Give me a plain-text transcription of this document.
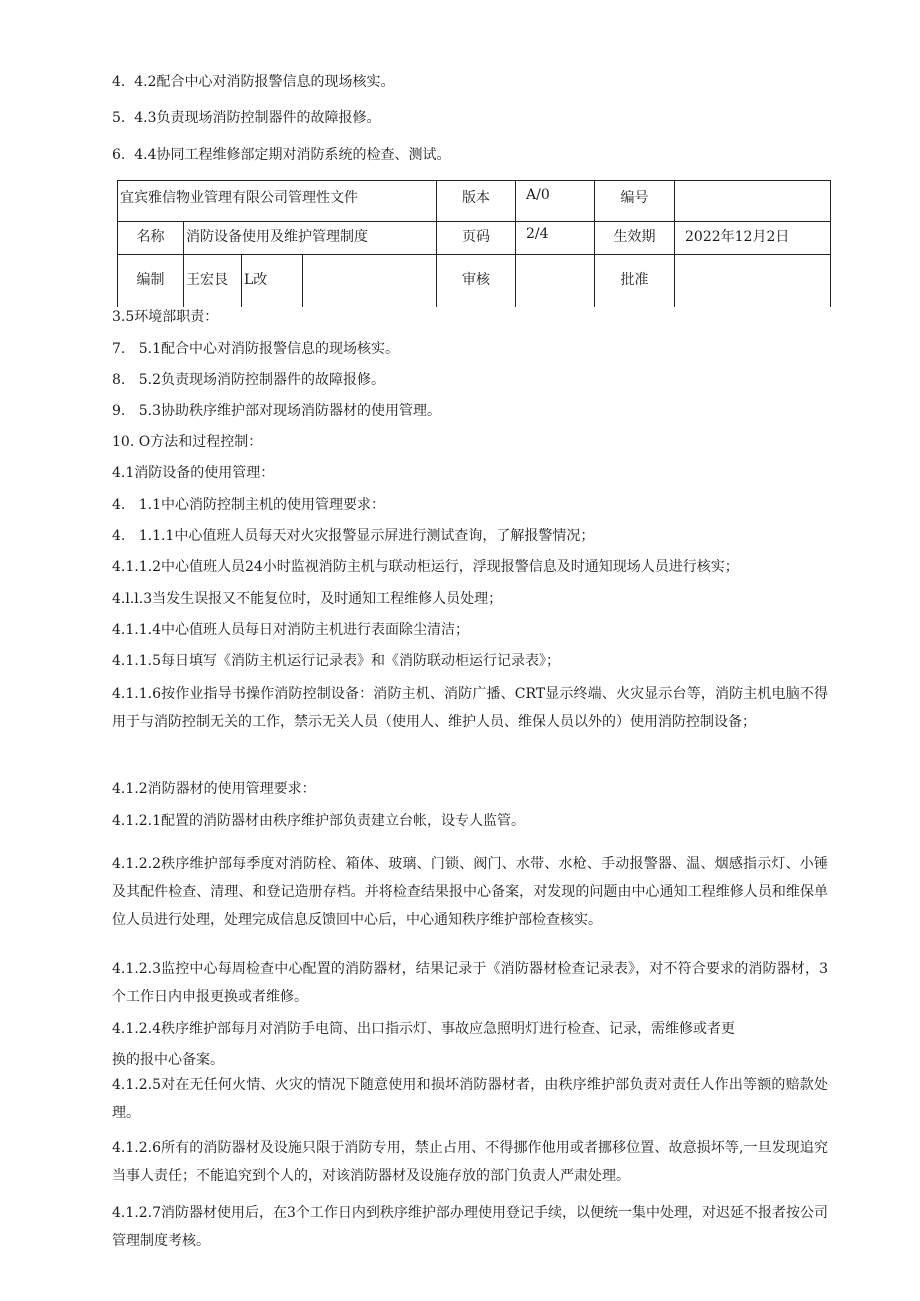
4.  4.2配合中心对消防报警信息的现场核实。
5.  4.3负责现场消防控制器件的故障报修。
6.  4.4协同工程维修部定期对消防系统的检查、测试。
宜宾雅信物业管理有限公司管理性文件				版本	A/0	编号	
名称	消防设备使用及维护管理制度			页码	2/4	生效期	2022年12月2日
编制	王宏艮	L改		审核		批准	
3.5环境部职责：
7.   5.1配合中心对消防报警信息的现场核实。
8.   5.2负责现场消防控制器件的故障报修。
9.   5.3协助秩序维护部对现场消防器材的使用管理。
10. O方法和过程控制：
4.1消防设备的使用管理：
4.   1.1中心消防控制主机的使用管理要求：
4.   1.1.1中心值班人员每天对火灾报警显示屏进行测试查询，了解报警情况；
4.1.1.2中心值班人员24小时监视消防主机与联动柜运行，浮现报警信息及时通知现场人员进行核实；
4.l.l.3当发生误报又不能复位时，及时通知工程维修人员处理；
4.1.1.4中心值班人员每日对消防主机进行表面除尘清洁；
4.1.1.5每日填写《消防主机运行记录表》和《消防联动柜运行记录表》；
4.1.1.6按作业指导书操作消防控制设备：消防主机、消防广播、CRT显示终端、火灾显示台等，消防主机电脑不得用于与消防控制无关的工作，禁示无关人员（使用人、维护人员、维保人员以外的）使用消防控制设备；
4.1.2消防器材的使用管理要求：
4.1.2.1配置的消防器材由秩序维护部负责建立台帐，设专人监管。
4.1.2.2秩序维护部每季度对消防栓、箱体、玻璃、门锁、阀门、水带、水枪、手动报警器、温、烟感指示灯、小锤及其配件检查、清理、和登记造册存档。并将检查结果报中心备案，对发现的问题由中心通知工程维修人员和维保单位人员进行处理，处理完成信息反馈回中心后，中心通知秩序维护部检查核实。
4.1.2.3监控中心每周检查中心配置的消防器材，结果记录于《消防器材检查记录表》，对不符合要求的消防器材，3个工作日内申报更换或者维修。
4.1.2.4秩序维护部每月对消防手电筒、出口指示灯、事故应急照明灯进行检查、记录，需维修或者更
换的报中心备案。
4.1.2.5对在无任何火情、火灾的情况下随意使用和损坏消防器材者，由秩序维护部负责对责任人作出等额的赔款处理。
4.1.2.6所有的消防器材及设施只限于消防专用，禁止占用、不得挪作他用或者挪移位置、故意损坏等,一旦发现追究当事人责任；不能追究到个人的，对该消防器材及设施存放的部门负责人严肃处理。
4.1.2.7消防器材使用后，在3个工作日内到秩序维护部办理使用登记手续，以便统一集中处理，对迟延不报者按公司管理制度考核。
